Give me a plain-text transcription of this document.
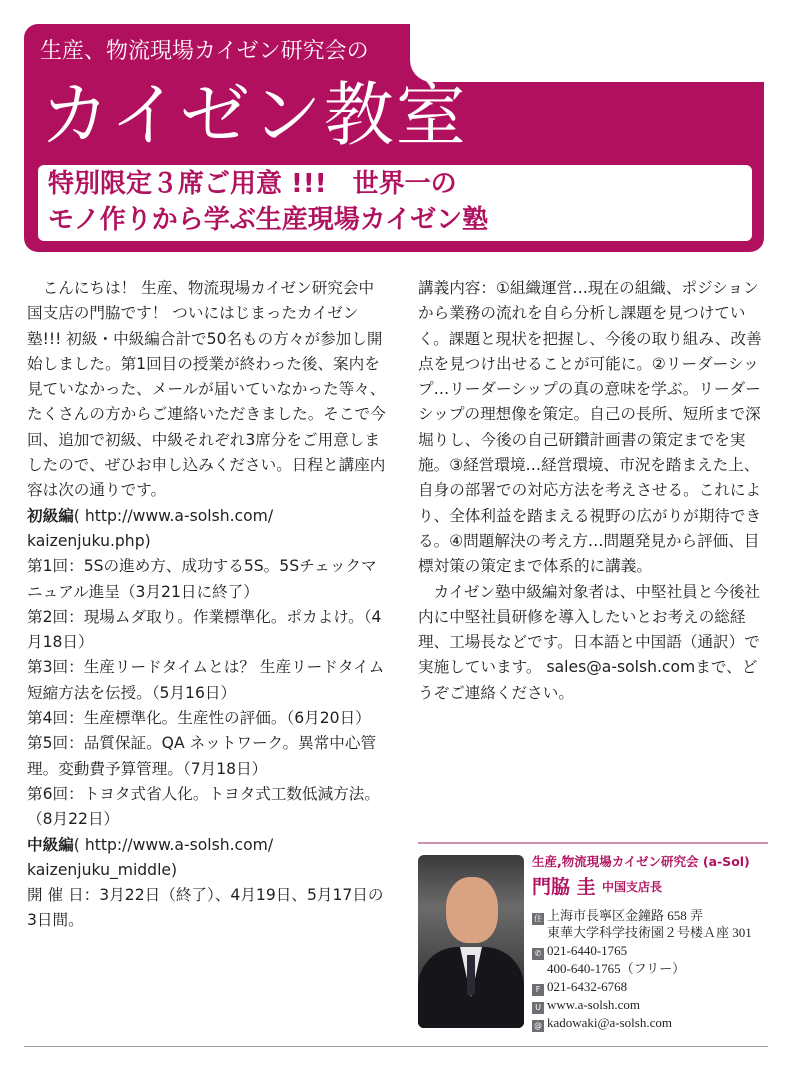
生産、物流現場カイゼン研究会の
カイゼン教室
特別限定３席ご用意 !!!　世界一の
モノ作りから学ぶ生産現場カイゼン塾

こんにちは！ 生産、物流現場カイゼン研究会中国支店の門脇です！ ついにはじまったカイゼン塾!!! 初級・中級編合計で50名もの方々が参加し開始しました。第1回目の授業が終わった後、案内を見ていなかった、メールが届いていなかった等々、たくさんの方からご連絡いただきました。そこで今回、追加で初級、中級それぞれ3席分をご用意しましたので、ぜひお申し込みください。日程と講座内容は次の通りです。

初級編( http://www.a-solsh.com/ kaizenjuku.php)

第1回：5Sの進め方、成功する5S。5Sチェックマニュアル進呈（3月21日に終了）

第2回：現場ムダ取り。作業標準化。ポカよけ。（4月18日）

第3回：生産リードタイムとは？ 生産リードタイム短縮方法を伝授。（5月16日）

第4回：生産標準化。生産性の評価。（6月20日）

第5回：品質保証。QA ネットワーク。異常中心管理。変動費予算管理。（7月18日）

第6回：トヨタ式省人化。トヨタ式工数低減方法。（8月22日）

中級編( http://www.a-solsh.com/ kaizenjuku_middle)

開 催 日：3月22日（終了）、4月19日、5月17日の3日間。

講義内容：①組織運営…現在の組織、ポジションから業務の流れを自ら分析し課題を見つけていく。課題と現状を把握し、今後の取り組み、改善点を見つけ出せることが可能に。②リーダーシップ…リーダーシップの真の意味を学ぶ。リーダーシップの理想像を策定。自己の長所、短所まで深堀りし、今後の自己研鑽計画書の策定までを実施。③経営環境…経営環境、市況を踏まえた上、自身の部署での対応方法を考えさせる。これにより、全体利益を踏まえる視野の広がりが期待できる。④問題解決の考え方…問題発見から評価、目標対策の策定まで体系的に講義。

カイゼン塾中級編対象者は、中堅社員と今後社内に中堅社員研修を導入したいとお考えの総経理、工場長などです。日本語と中国語（通訳）で実施しています。 sales@a-solsh.comまで、どうぞご連絡ください。

生産,物流現場カイゼン研究会 (a-Sol)
門脇 圭 中国支店長
住 上海市長寧区金鐘路 658 弄
東華大学科学技術園２号楼Ａ座 301
✆ 021-6440-1765
400-640-1765（フリー）
F 021-6432-6768
U www.a-solsh.com
@ kadowaki@a-solsh.com
